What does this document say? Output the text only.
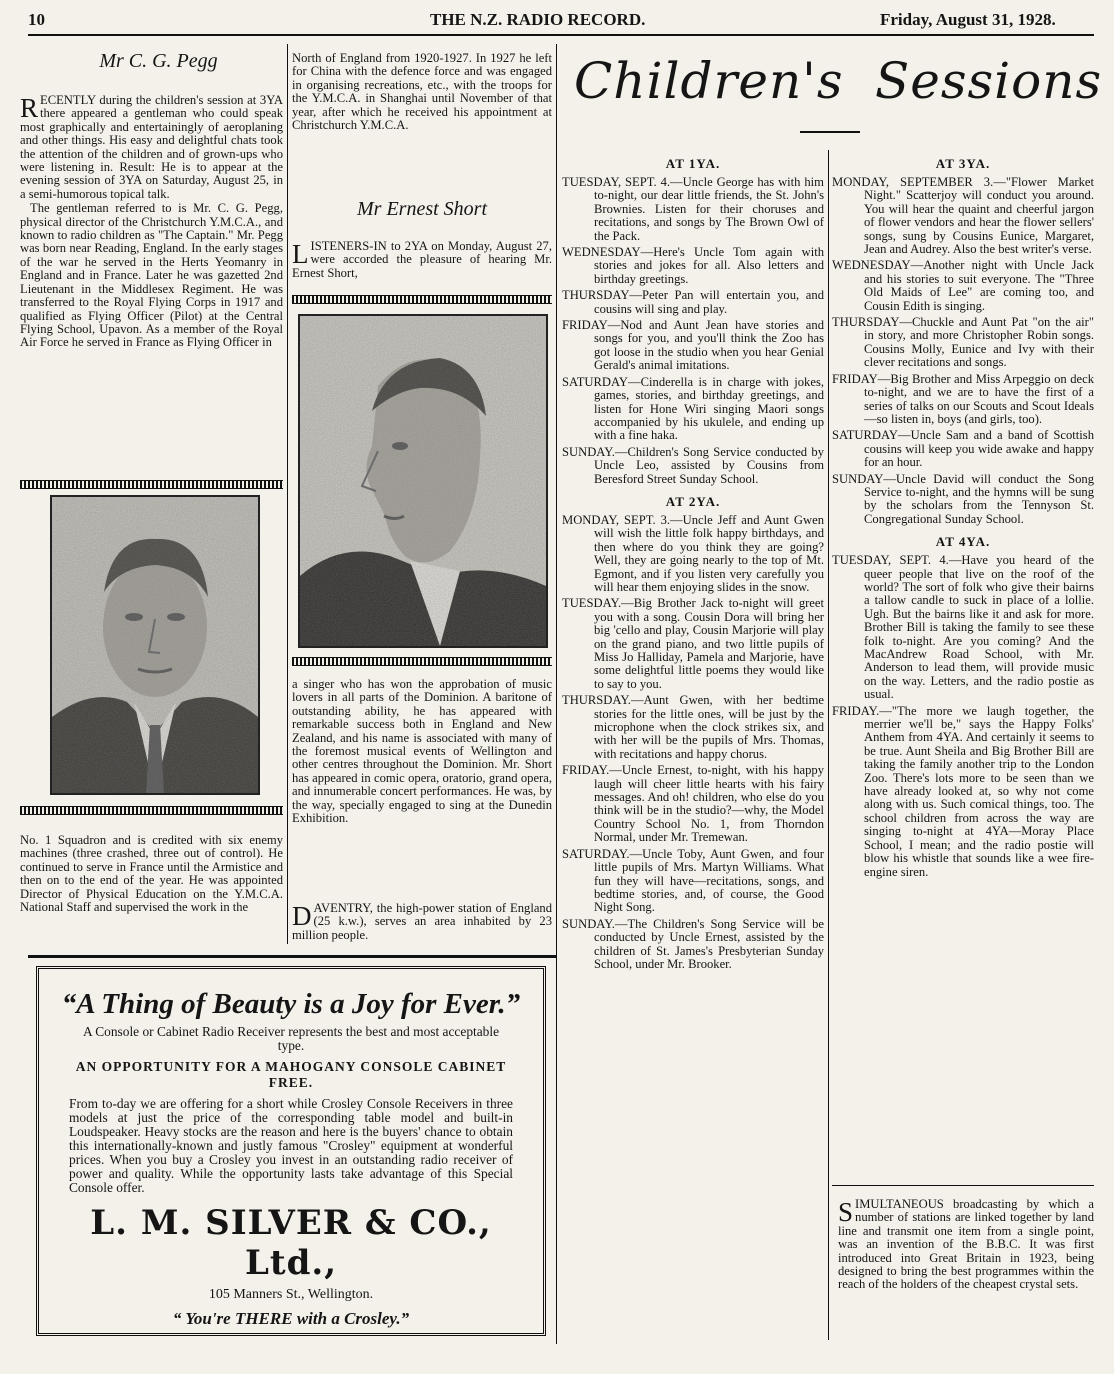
10	THE N.Z. RADIO RECORD.	Friday, August 31, 1928.
Mr C. G. Pegg

RECENTLY during the children's session at 3YA there appeared a gentleman who could speak most graphically and entertainingly of aeroplaning and other things. His easy and delightful chats took the attention of the children and of grown-ups who were listening in. Result: He is to appear at the evening session of 3YA on Saturday, August 25, in a semi-humorous topical talk.

The gentleman referred to is Mr. C. G. Pegg, physical director of the Christchurch Y.M.C.A., and known to radio children as "The Captain." Mr. Pegg was born near Reading, England. In the early stages of the war he served in the Herts Yeomanry in England and in France. Later he was gazetted 2nd Lieutenant in the Middlesex Regiment. He was transferred to the Royal Flying Corps in 1917 and qualified as Flying Officer (Pilot) at the Central Flying School, Upavon. As a member of the Royal Air Force he served in France as Flying Officer in

No. 1 Squadron and is credited with six enemy machines (three crashed, three out of control). He continued to serve in France until the Armistice and then on to the end of the year. He was appointed Director of Physical Education on the Y.M.C.A. National Staff and supervised the work in the

North of England from 1920-1927. In 1927 he left for China with the defence force and was engaged in organising recreations, etc., with the troops for the Y.M.C.A. in Shanghai until November of that year, after which he received his appointment at Christchurch Y.M.C.A.

Mr Ernest Short

LISTENERS-IN to 2YA on Monday, August 27, were accorded the pleasure of hearing Mr. Ernest Short,

a singer who has won the approbation of music lovers in all parts of the Dominion. A baritone of outstanding ability, he has appeared with remarkable success both in England and New Zealand, and his name is associated with many of the foremost musical events of Wellington and other centres throughout the Dominion. Mr. Short has appeared in comic opera, oratorio, grand opera, and innumerable concert performances. He was, by the way, specially engaged to sing at the Dunedin Exhibition.

DAVENTRY, the high-power station of England (25 k.w.), serves an area inhabited by 23 million people.

Children's Sessions
AT 1YA.
TUESDAY, SEPT. 4.—Uncle George has with him to-night, our dear little friends, the St. John's Brownies. Listen for their choruses and recitations, and songs by The Brown Owl of the Pack.
WEDNESDAY—Here's Uncle Tom again with stories and jokes for all. Also letters and birthday greetings.
THURSDAY—Peter Pan will entertain you, and cousins will sing and play.
FRIDAY—Nod and Aunt Jean have stories and songs for you, and you'll think the Zoo has got loose in the studio when you hear Genial Gerald's animal imitations.
SATURDAY—Cinderella is in charge with jokes, games, stories, and birthday greetings, and listen for Hone Wiri singing Maori songs accompanied by his ukulele, and ending up with a fine haka.
SUNDAY.—Children's Song Service conducted by Uncle Leo, assisted by Cousins from Beresford Street Sunday School.
AT 2YA.
MONDAY, SEPT. 3.—Uncle Jeff and Aunt Gwen will wish the little folk happy birthdays, and then where do you think they are going? Well, they are going nearly to the top of Mt. Egmont, and if you listen very carefully you will hear them enjoying slides in the snow.
TUESDAY.—Big Brother Jack to-night will greet you with a song. Cousin Dora will bring her big 'cello and play, Cousin Marjorie will play on the grand piano, and two little pupils of Miss Jo Halliday, Pamela and Marjorie, have some delightful little poems they would like to say to you.
THURSDAY.—Aunt Gwen, with her bedtime stories for the little ones, will be just by the microphone when the clock strikes six, and with her will be the pupils of Mrs. Thomas, with recitations and happy chorus.
FRIDAY.—Uncle Ernest, to-night, with his happy laugh will cheer little hearts with his fairy messages. And oh! children, who else do you think will be in the studio?—why, the Model Country School No. 1, from Thorndon Normal, under Mr. Tremewan.
SATURDAY.—Uncle Toby, Aunt Gwen, and four little pupils of Mrs. Martyn Williams. What fun they will have—recitations, songs, and bedtime stories, and, of course, the Good Night Song.
SUNDAY.—The Children's Song Service will be conducted by Uncle Ernest, assisted by the children of St. James's Presbyterian Sunday School, under Mr. Brooker.
AT 3YA.
MONDAY, SEPTEMBER 3.—"Flower Market Night." Scatterjoy will conduct you around. You will hear the quaint and cheerful jargon of flower vendors and hear the flower sellers' songs, sung by Cousins Eunice, Margaret, Jean and Audrey. Also the best writer's verse.
WEDNESDAY—Another night with Uncle Jack and his stories to suit everyone. The "Three Old Maids of Lee" are coming too, and Cousin Edith is singing.
THURSDAY—Chuckle and Aunt Pat "on the air" in story, and more Christopher Robin songs. Cousins Molly, Eunice and Ivy with their clever recitations and songs.
FRIDAY—Big Brother and Miss Arpeggio on deck to-night, and we are to have the first of a series of talks on our Scouts and Scout Ideals—so listen in, boys (and girls, too).
SATURDAY—Uncle Sam and a band of Scottish cousins will keep you wide awake and happy for an hour.
SUNDAY—Uncle David will conduct the Song Service to-night, and the hymns will be sung by the scholars from the Tennyson St. Congregational Sunday School.
AT 4YA.
TUESDAY, SEPT. 4.—Have you heard of the queer people that live on the roof of the world? The sort of folk who give their bairns a tallow candle to suck in place of a lollie. Ugh. But the bairns like it and ask for more. Brother Bill is taking the family to see these folk to-night. Are you coming? And the MacAndrew Road School, with Mr. Anderson to lead them, will provide music on the way. Letters, and the radio postie as usual.
FRIDAY.—"The more we laugh together, the merrier we'll be," says the Happy Folks' Anthem from 4YA. And certainly it seems to be true. Aunt Sheila and Big Brother Bill are taking the family another trip to the London Zoo. There's lots more to be seen than we have already looked at, so why not come along with us. Such comical things, too. The school children from across the way are singing to-night at 4YA—Moray Place School, I mean; and the radio postie will blow his whistle that sounds like a wee fire-engine siren.

SIMULTANEOUS broadcasting by which a number of stations are linked together by land line and transmit one item from a single point, was an invention of the B.B.C. It was first introduced into Great Britain in 1923, being designed to bring the best programmes within the reach of the holders of the cheapest crystal sets.

“A Thing of Beauty is a Joy for Ever.”
A Console or Cabinet Radio Receiver represents the best and most acceptable type.
AN OPPORTUNITY FOR A MAHOGANY CONSOLE CABINET FREE.
From to-day we are offering for a short while Crosley Console Receivers in three models at just the price of the corresponding table model and built-in Loudspeaker. Heavy stocks are the reason and here is the buyers' chance to obtain this internationally-known and justly famous "Crosley" equipment at wonderful prices. When you buy a Crosley you invest in an outstanding radio receiver of power and quality. While the opportunity lasts take advantage of this Special Console offer.
L. M. SILVER & CO., Ltd.,
105 Manners St., Wellington.
“ You're THERE with a Crosley.”
